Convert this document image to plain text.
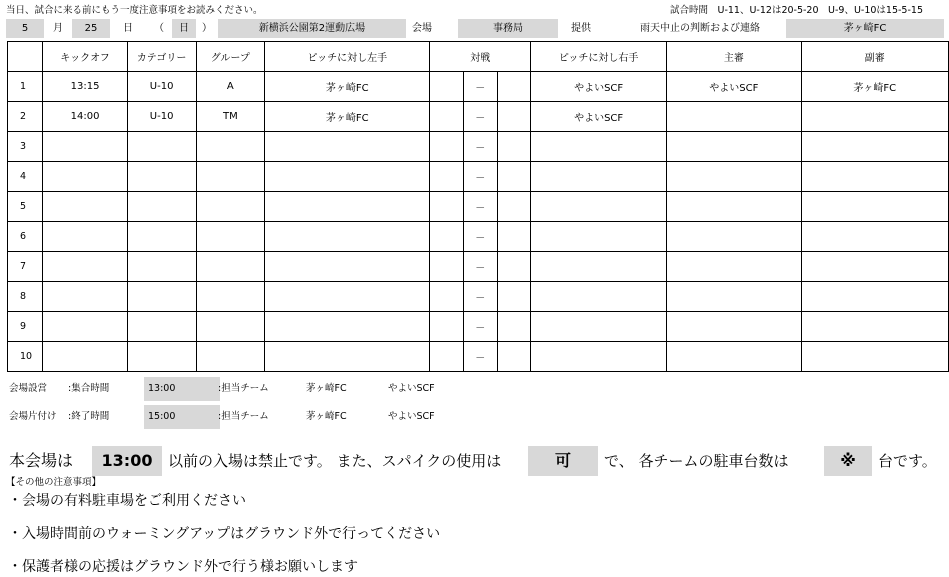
当日、試合に来る前にもう一度注意事項をお読みください。	試合時間　U-11、U-12は20-5-20　U-9、U-10は15-5-15
5	月	25	日	（	日	）	新横浜公園第2運動広場	会場	事務局	提供	雨天中止の判断および連絡	茅ヶ崎FC
	キックオフ	カテゴリー	グループ	ピッチに対し左手	対戦			ピッチに対し右手	主審	副審
1	13:15	U-10	A	茅ヶ崎FC		－		やよいSCF	やよいSCF	茅ヶ崎FC
2	14:00	U-10	TM	茅ヶ崎FC		－		やよいSCF		
3						－				
4						－				
5						－				
6						－				
7						－				
8						－				
9						－				
10						－				
会場設営 :集合時間	13:00	:担当チーム	茅ヶ崎FC	やよいSCF
会場片付け :終了時間	15:00	:担当チーム	茅ヶ崎FC	やよいSCF
本会場は	13:00	以前の入場は禁止です。 また、スパイクの使用は	可	で、 各チームの駐車台数は	※	台です。
【その他の注意事項】
・会場の有料駐車場をご利用ください
・入場時間前のウォーミングアップはグラウンド外で行ってください
・保護者様の応援はグラウンド外で行う様お願いします
